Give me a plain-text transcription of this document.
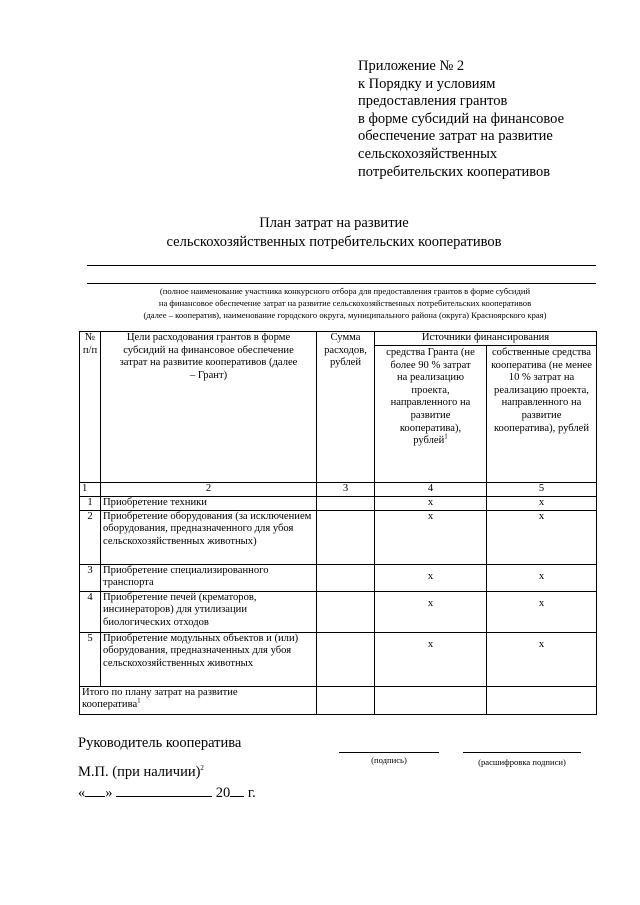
Приложение № 2
к Порядку и условиям
предоставления грантов
в форме субсидий на финансовое
обеспечение затрат на развитие
сельскохозяйственных
потребительских кооперативов
План затрат на развитие
сельскохозяйственных потребительских кооперативов
(полное наименование участника конкурсного отбора для предоставления грантов в форме субсидий
на финансовое обеспечение затрат на развитие сельскохозяйственных потребительских кооперативов
(далее – кооператив), наименование городского округа, муниципального района (округа) Красноярского края)
№ п/п	Цели расходования грантов в форме субсидий на финансовое обеспечение затрат на развитие кооперативов (далее – Грант)	Сумма расходов, рублей	Источники финансирования	
			средства Гранта (не более 90 % затрат на реализацию проекта, направленного на развитие кооператива), рублей$^1$	собственные средства кооператива (не менее 10 % затрат на реализацию проекта, направленного на развитие кооператива), рублей
1	2	3	4	5
1	Приобретение техники		x	x
2	Приобретение оборудования (за исключением оборудования, предназначенного для убоя сельскохозяйственных животных)		x	x
3	Приобретение специализированного транспорта		x	x
4	Приобретение печей (крематоров, инсинераторов) для утилизации биологических отходов		x	x
5	Приобретение модульных объектов и (или) оборудования, предназначенных для убоя сельскохозяйственных животных		x	x
Итого по плану затрат на развитие кооператива$^1$			
Руководитель кооператива
(подпись)	(расшифровка подписи)
М.П. (при наличии)$^2$
« »	20 г.
